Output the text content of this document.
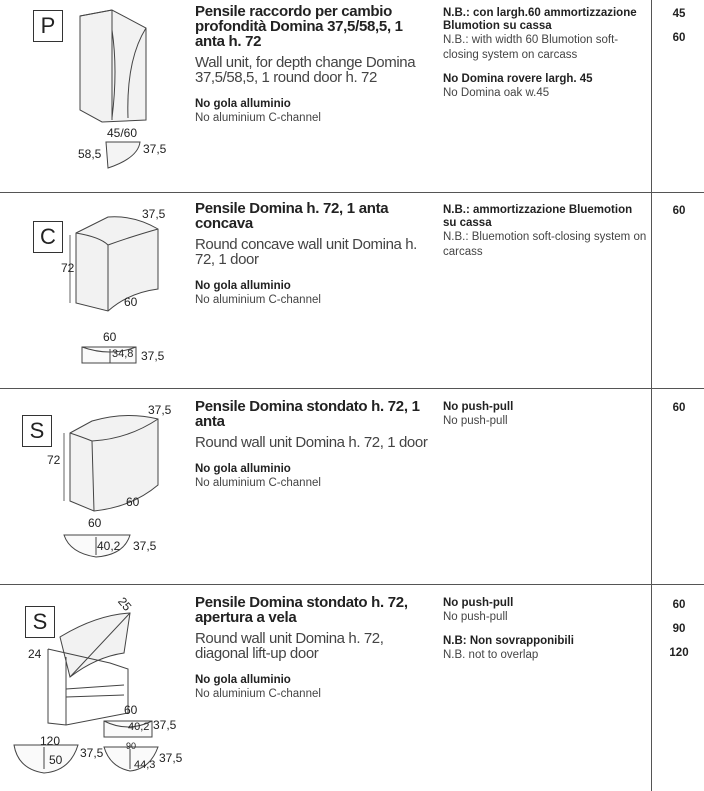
P
45/60
58,5	37,5
Pensile raccordo per cambio profondità Domina 37,5/58,5, 1 anta h. 72
Wall unit, for depth change Domina 37,5/58,5, 1 round door h. 72
No gola alluminio
No aluminium C-channel
N.B.: con largh.60 ammortizzazione Blumotion su cassa
N.B.: with width 60 Blumotion soft-closing system on carcass
No Domina rovere largh. 45
No Domina oak w.45
45
60
C
37,5
72
60
60
34,8 37,5
Pensile Domina h. 72, 1 anta concava
Round concave wall unit Domina h. 72, 1 door
No gola alluminio
No aluminium C-channel
N.B.: ammortizzazione Bluemotion su cassa
N.B.: Bluemotion soft-closing system on carcass
60
S
37,5
72
60
60
40,2 37,5
Pensile Domina stondato h. 72, 1 anta
Round wall unit Domina h. 72, 1 door
No gola alluminio
No aluminium C-channel
No push-pull
No push-pull
60
S
25
24
60
40,2 37,5
120
50 37,5	90
44,3 37,5
Pensile Domina stondato h. 72, apertura a vela
Round wall unit Domina h. 72, diagonal lift-up door
No gola alluminio
No aluminium C-channel
No push-pull
No push-pull
N.B: Non sovrapponibili
N.B. not to overlap
60
90
120
